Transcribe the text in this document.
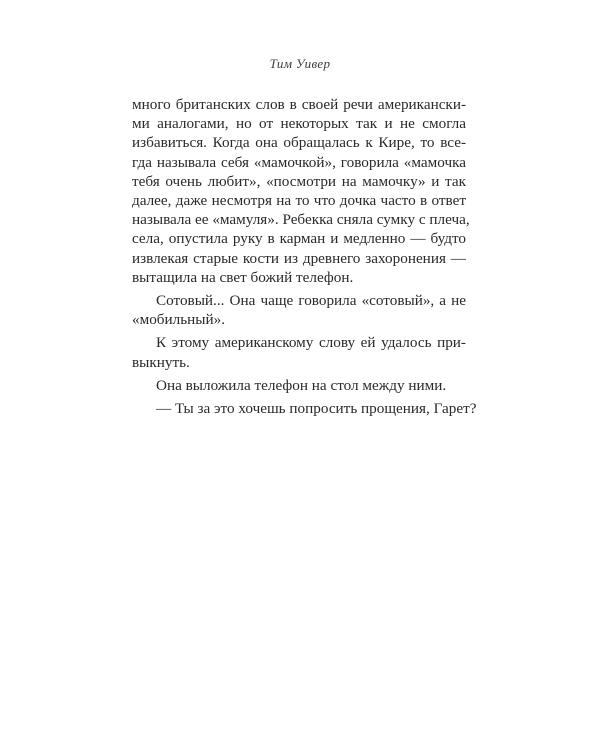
Тим Уивер

много британских слов в своей речи американски-
ми аналогами, но от некоторых так и не смогла
избавиться. Когда она обращалась к Кире, то все-
гда называла себя «мамочкой», говорила «мамочка
тебя очень любит», «посмотри на мамочку» и так
далее, даже несмотря на то что дочка часто в ответ
называла ее «мамуля». Ребекка сняла сумку с плеча,
села, опустила руку в карман и медленно — будто
извлекая старые кости из древнего захоронения —
вытащила на свет божий телефон.

Сотовый... Она чаще говорила «сотовый», а не
«мобильный».

К этому американскому слову ей удалось при-
выкнуть.

Она выложила телефон на стол между ними.

— Ты за это хочешь попросить прощения, Гарет?
